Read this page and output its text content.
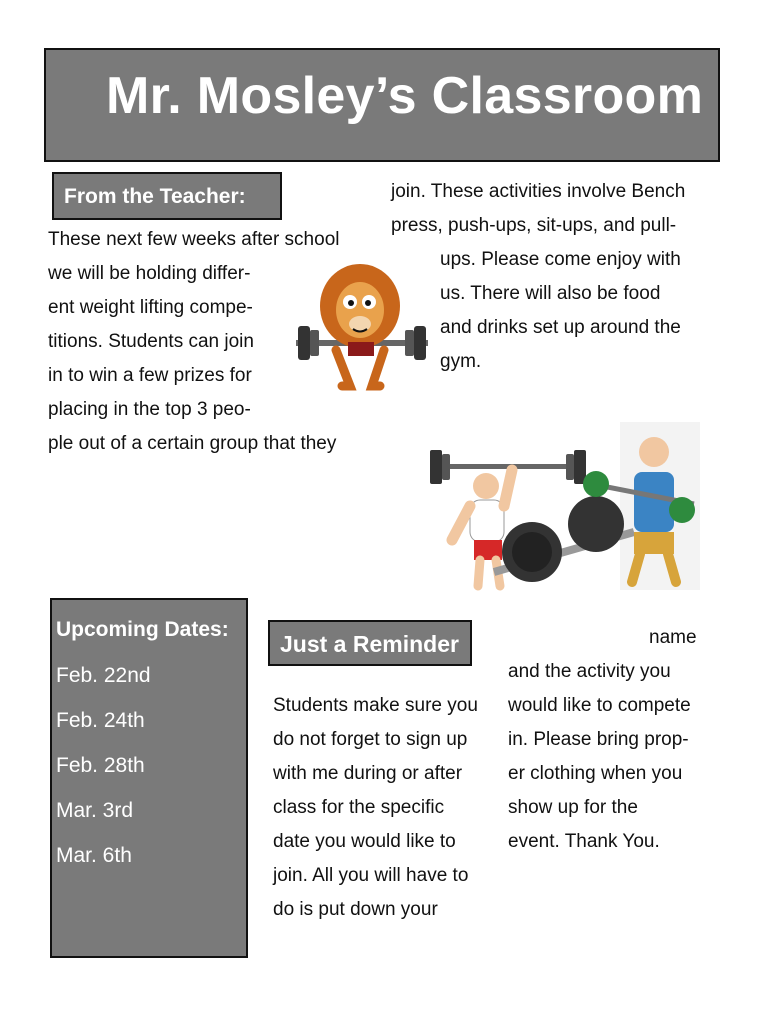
Mr. Mosley’s Classroom
From the Teacher:
These next few weeks after school
we will be holding differ-
ent weight lifting compe-
titions. Students can join
in to win a few prizes for
placing in the top 3 peo-
ple out of a certain group that they
join. These activities involve Bench
press, push-ups, sit-ups, and pull-
ups. Please come enjoy with
us. There will also be food
and drinks set up around the
gym.
Upcoming Dates:
Feb. 22nd
Feb. 24th
Feb. 28th
Mar. 3rd
Mar. 6th
Just a Reminder
Students make sure you
do not forget to sign up
with me during or after
class for the specific
date you would like to
join. All you will have to
do is put down your
name
and the activity you
would like to compete
in. Please bring prop-
er clothing when you
show up for the
event. Thank You.
